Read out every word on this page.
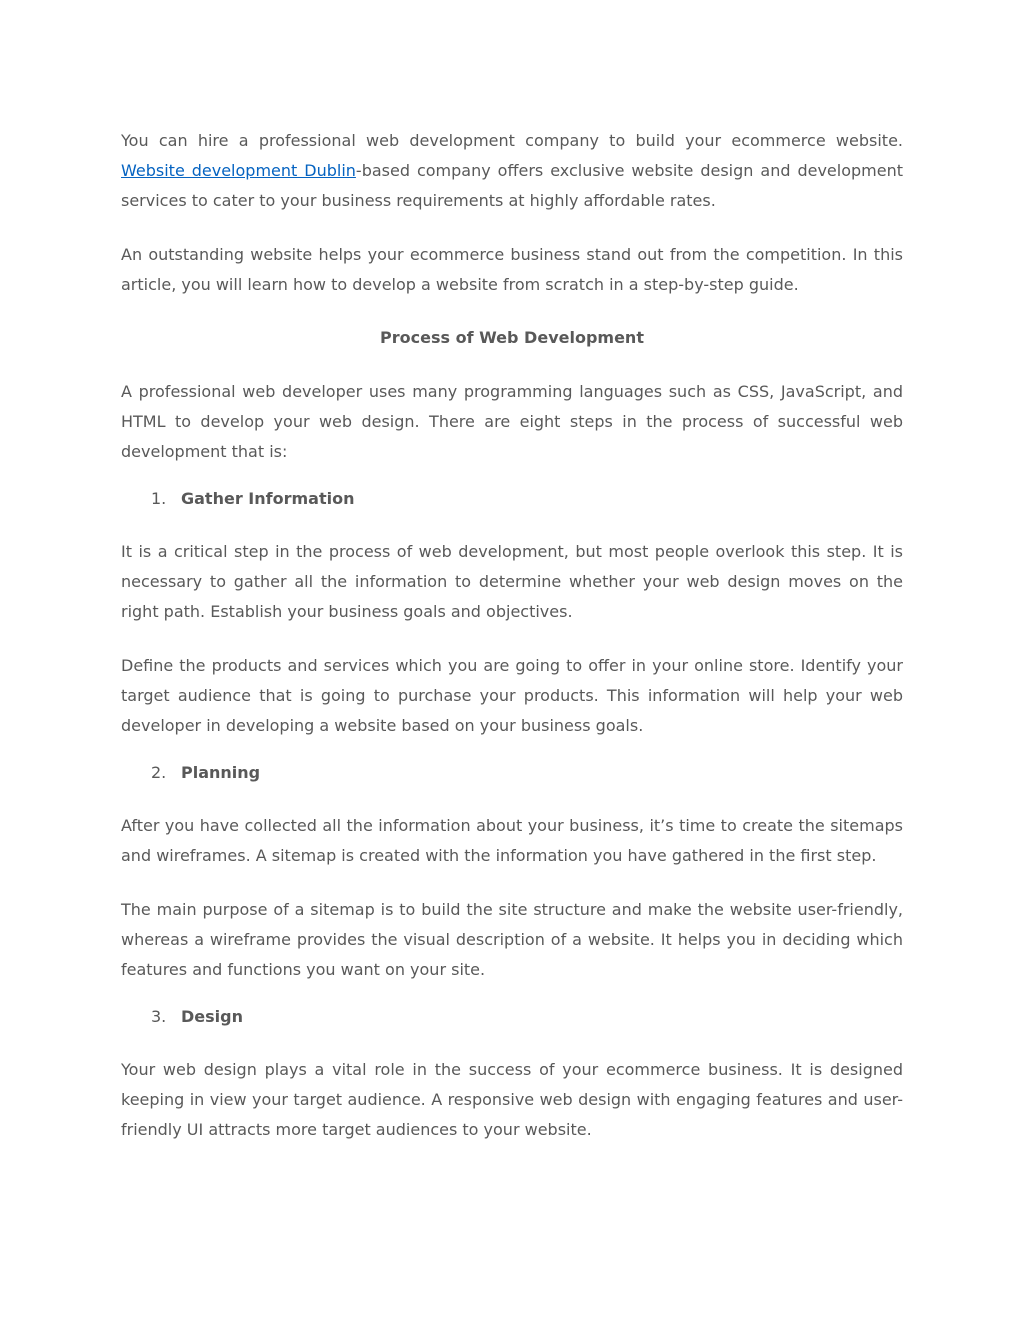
You can hire a professional web development company to build your ecommerce website. Website development Dublin-based company offers exclusive website design and development services to cater to your business requirements at highly affordable rates.

An outstanding website helps your ecommerce business stand out from the competition. In this article, you will learn how to develop a website from scratch in a step-by-step guide.

Process of Web Development

A professional web developer uses many programming languages such as CSS, JavaScript, and HTML to develop your web design. There are eight steps in the process of successful web development that is:

1. Gather Information

It is a critical step in the process of web development, but most people overlook this step. It is necessary to gather all the information to determine whether your web design moves on the right path. Establish your business goals and objectives.

Define the products and services which you are going to offer in your online store. Identify your target audience that is going to purchase your products. This information will help your web developer in developing a website based on your business goals.

2. Planning

After you have collected all the information about your business, it’s time to create the sitemaps and wireframes. A sitemap is created with the information you have gathered in the first step.

The main purpose of a sitemap is to build the site structure and make the website user-friendly, whereas a wireframe provides the visual description of a website. It helps you in deciding which features and functions you want on your site.

3. Design

Your web design plays a vital role in the success of your ecommerce business. It is designed keeping in view your target audience. A responsive web design with engaging features and user-friendly UI attracts more target audiences to your website.
